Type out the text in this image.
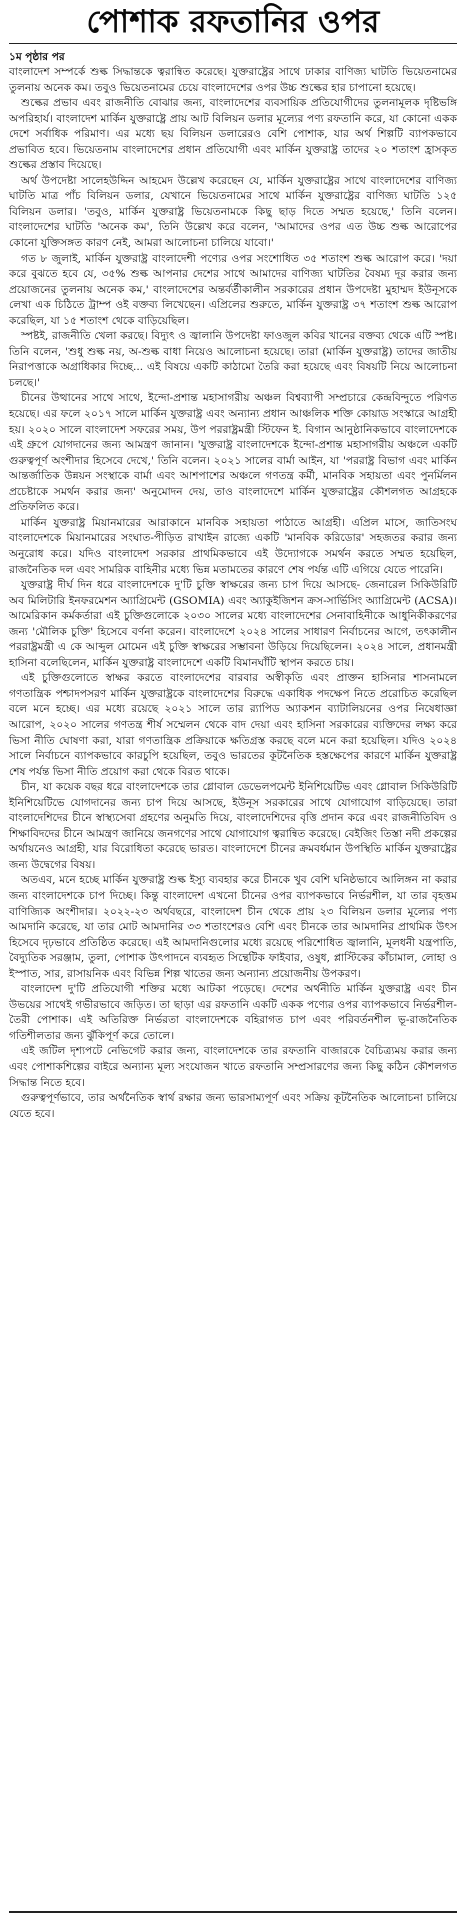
পোশাক রফতানির ওপর
১ম পৃষ্ঠার পর

বাংলাদেশ সম্পর্কে শুল্ক সিদ্ধান্তকে ত্বরান্বিত করেছে। যুক্তরাষ্ট্রের সাথে ঢাকার বাণিজ্য ঘাটতি ভিয়েতনামের তুলনায় অনেক কম। তবুও ভিয়েতনামের চেয়ে বাংলাদেশের ওপর উচ্চ শুল্কের হার চাপানো হয়েছে।

শুল্কের প্রভাব এবং রাজনীতি বোঝার জন্য, বাংলাদেশের ব্যবসায়িক প্রতিযোগীদের তুলনামূলক দৃষ্টিভঙ্গি অপরিহার্য। বাংলাদেশ মার্কিন যুক্তরাষ্ট্রে প্রায় আট বিলিয়ন ডলার মূল্যের পণ্য রফতানি করে, যা কোনো একক দেশে সর্বাধিক পরিমাণ। এর মধ্যে ছয় বিলিয়ন ডলারেরও বেশি পোশাক, যার অর্থ শিল্পটি ব্যাপকভাবে প্রভাবিত হবে। ভিয়েতনাম বাংলাদেশের প্রধান প্রতিযোগী এবং মার্কিন যুক্তরাষ্ট্র তাদের ২০ শতাংশ হ্রাসকৃত শুল্কের প্রস্তাব দিয়েছে।

অর্থ উপদেষ্টা সালেহউদ্দিন আহমেদ উল্লেখ করেছেন যে, মার্কিন যুক্তরাষ্ট্রের সাথে বাংলাদেশের বাণিজ্য ঘাটতি মাত্র পাঁচ বিলিয়ন ডলার, যেখানে ভিয়েতনামের সাথে মার্কিন যুক্তরাষ্ট্রের বাণিজ্য ঘাটতি ১২৫ বিলিয়ন ডলার। 'তবুও, মার্কিন যুক্তরাষ্ট্র ভিয়েতনামকে কিছু ছাড় দিতে সম্মত হয়েছে,' তিনি বলেন। বাংলাদেশের ঘাটতি 'অনেক কম', তিনি উল্লেখ করে বলেন, 'আমাদের ওপর এত উচ্চ শুল্ক আরোপের কোনো যুক্তিসঙ্গত কারণ নেই, আমরা আলোচনা চালিয়ে যাবো।'

গত ৮ জুলাই, মার্কিন যুক্তরাষ্ট্র বাংলাদেশী পণ্যের ওপর সংশোধিত ৩৫ শতাংশ শুল্ক আরোপ করে। 'দয়া করে বুঝতে হবে যে, ৩৫% শুল্ক আপনার দেশের সাথে আমাদের বাণিজ্য ঘাটতির বৈষম্য দূর করার জন্য প্রয়োজনের তুলনায় অনেক কম,' বাংলাদেশের অন্তর্বর্তীকালীন সরকারের প্রধান উপদেষ্টা মুহাম্মদ ইউনূসকে লেখা এক চিঠিতে ট্রাম্প ওই বক্তব্য লিখেছেন। এপ্রিলের শুরুতে, মার্কিন যুক্তরাষ্ট্র ৩৭ শতাংশ শুল্ক আরোপ করেছিল, যা ১৫ শতাংশ থেকে বাড়িয়েছিল।

স্পষ্টই, রাজনীতি খেলা করছে। বিদ্যুৎ ও জ্বালানি উপদেষ্টা ফাওজুল কবির খানের বক্তব্য থেকে এটি স্পষ্ট। তিনি বলেন, 'শুধু শুল্ক নয়, অ-শুল্ক বাধা নিয়েও আলোচনা হয়েছে। তারা (মার্কিন যুক্তরাষ্ট্র) তাদের জাতীয় নিরাপত্তাকে অগ্রাধিকার দিচ্ছে... এই বিষয়ে একটি কাঠামো তৈরি করা হয়েছে এবং বিষয়টি নিয়ে আলোচনা চলছে।'

চীনের উত্থানের সাথে সাথে, ইন্দো-প্রশান্ত মহাসাগরীয় অঞ্চল বিশ্বব্যাপী সম্প্রচারে কেন্দ্রবিন্দুতে পরিণত হয়েছে। এর ফলে ২০১৭ সালে মার্কিন যুক্তরাষ্ট্র এবং অন্যান্য প্রধান আঞ্চলিক শক্তি কোয়াড সংস্কারে আগ্রহী হয়। ২০২০ সালে বাংলাদেশ সফরের সময়, উপ পররাষ্ট্রমন্ত্রী স্টিফেন ই. বিগান আনুষ্ঠানিকভাবে বাংলাদেশকে এই গ্রুপে যোগদানের জন্য আমন্ত্রণ জানান। 'যুক্তরাষ্ট্র বাংলাদেশকে ইন্দো-প্রশান্ত মহাসাগরীয় অঞ্চলে একটি গুরুত্বপূর্ণ অংশীদার হিসেবে দেখে,' তিনি বলেন। ২০২১ সালের বার্মা আইন, যা 'পররাষ্ট্র বিভাগ এবং মার্কিন আন্তর্জাতিক উন্নয়ন সংস্থাকে বার্মা এবং আশপাশের অঞ্চলে গণতন্ত্র কর্মী, মানবিক সহায়তা এবং পুনর্মিলন প্রচেষ্টাকে সমর্থন করার জন্য' অনুমোদন দেয়, তাও বাংলাদেশে মার্কিন যুক্তরাষ্ট্রের কৌশলগত আগ্রহকে প্রতিফলিত করে।

মার্কিন যুক্তরাষ্ট্র মিয়ানমারের আরাকানে মানবিক সহায়তা পাঠাতে আগ্রহী। এপ্রিল মাসে, জাতিসংঘ বাংলাদেশকে মিয়ানমারের সংঘাত-পীড়িত রাখাইন রাজ্যে একটি 'মানবিক করিডোর' সহজতর করার জন্য অনুরোধ করে। যদিও বাংলাদেশ সরকার প্রাথমিকভাবে এই উদ্যোগকে সমর্থন করতে সম্মত হয়েছিল, রাজনৈতিক দল এবং সামরিক বাহিনীর মধ্যে ভিন্ন মতামতের কারণে শেষ পর্যন্ত এটি এগিয়ে যেতে পারেনি।

যুক্তরাষ্ট্র দীর্ঘ দিন ধরে বাংলাদেশকে দু'টি চুক্তি স্বাক্ষরের জন্য চাপ দিয়ে আসছে- জেনারেল সিকিউরিটি অব মিলিটারি ইনফরমেশন অ্যাগ্রিমেন্ট (GSOMIA) এবং অ্যাকুইজিশন ক্রস-সার্ভিসিং অ্যাগ্রিমেন্ট (ACSA)। আমেরিকান কর্মকর্তারা এই চুক্তিগুলোকে ২০৩০ সালের মধ্যে বাংলাদেশের সেনাবাহিনীকে আধুনিকীকরণের জন্য 'মৌলিক চুক্তি' হিসেবে বর্ণনা করেন। বাংলাদেশে ২০২৪ সালের সাধারণ নির্বাচনের আগে, তৎকালীন পররাষ্ট্রমন্ত্রী এ কে আব্দুল মোমেন এই চুক্তি স্বাক্ষরের সম্ভাবনা উড়িয়ে দিয়েছিলেন। ২০২৪ সালে, প্রধানমন্ত্রী হাসিনা বলেছিলেন, মার্কিন যুক্তরাষ্ট্র বাংলাদেশে একটি বিমানঘাঁটি স্থাপন করতে চায়।

এই চুক্তিগুলোতে স্বাক্ষর করতে বাংলাদেশের বারবার অস্বীকৃতি এবং প্রাক্তন হাসিনার শাসনামলে গণতান্ত্রিক পশ্চাদপসরণ মার্কিন যুক্তরাষ্ট্রকে বাংলাদেশের বিরুদ্ধে একাধিক পদক্ষেপ নিতে প্ররোচিত করেছিল বলে মনে হচ্ছে। এর মধ্যে রয়েছে ২০২১ সালে তার র‌্যাপিড অ্যাকশন ব্যাটালিয়নের ওপর নিষেধাজ্ঞা আরোপ, ২০২০ সালের গণতন্ত্র শীর্ষ সম্মেলন থেকে বাদ দেয়া এবং হাসিনা সরকারের ব্যক্তিদের লক্ষ্য করে ভিসা নীতি ঘোষণা করা, যারা গণতান্ত্রিক প্রক্রিয়াকে ক্ষতিগ্রস্ত করছে বলে মনে করা হয়েছিল। যদিও ২০২৪ সালে নির্বাচনে ব্যাপকভাবে কারচুপি হয়েছিল, তবুও ভারতের কূটনৈতিক হস্তক্ষেপের কারণে মার্কিন যুক্তরাষ্ট্র শেষ পর্যন্ত ভিসা নীতি প্রয়োগ করা থেকে বিরত থাকে।

চীন, যা কয়েক বছর ধরে বাংলাদেশকে তার গ্লোবাল ডেভেলপমেন্ট ইনিশিয়েটিভ এবং গ্লোবাল সিকিউরিটি ইনিশিয়েটিভে যোগদানের জন্য চাপ দিয়ে আসছে, ইউনূস সরকারের সাথে যোগাযোগ বাড়িয়েছে। তারা বাংলাদেশিদের চীনে স্বাস্থ্যসেবা গ্রহণের অনুমতি দিয়ে, বাংলাদেশিদের বৃত্তি প্রদান করে এবং রাজনীতিবিদ ও শিক্ষাবিদদের চীনে আমন্ত্রণ জানিয়ে জনগণের সাথে যোগাযোগ ত্বরান্বিত করেছে। বেইজিং তিস্তা নদী প্রকল্পের অর্থায়নেও আগ্রহী, যার বিরোধিতা করেছে ভারত। বাংলাদেশে চীনের ক্রমবর্ধমান উপস্থিতি মার্কিন যুক্তরাষ্ট্রের জন্য উদ্বেগের বিষয়।

অতএব, মনে হচ্ছে মার্কিন যুক্তরাষ্ট্র শুল্ক ইস্যু ব্যবহার করে চীনকে খুব বেশি ঘনিষ্ঠভাবে আলিঙ্গন না করার জন্য বাংলাদেশকে চাপ দিচ্ছে। কিন্তু বাংলাদেশ এখনো চীনের ওপর ব্যাপকভাবে নির্ভরশীল, যা তার বৃহত্তম বাণিজ্যিক অংশীদার। ২০২২-২৩ অর্থবছরে, বাংলাদেশ চীন থেকে প্রায় ২৩ বিলিয়ন ডলার মূল্যের পণ্য আমদানি করেছে, যা তার মোট আমদানির ৩৩ শতাংশেরও বেশি এবং চীনকে তার আমদানির প্রাথমিক উৎস হিসেবে দৃঢ়ভাবে প্রতিষ্ঠিত করেছে। এই আমদানিগুলোর মধ্যে রয়েছে পরিশোধিত জ্বালানি, মূলধনী যন্ত্রপাতি, বৈদ্যুতিক সরঞ্জাম, তুলা, পোশাক উৎপাদনে ব্যবহৃত সিন্থেটিক ফাইবার, ওষুধ, প্লাস্টিকের কাঁচামাল, লোহা ও ইস্পাত, সার, রাসায়নিক এবং বিভিন্ন শিল্প খাতের জন্য অন্যান্য প্রয়োজনীয় উপকরণ।

বাংলাদেশ দু'টি প্রতিযোগী শক্তির মধ্যে আটকা পড়েছে। দেশের অর্থনীতি মার্কিন যুক্তরাষ্ট্র এবং চীন উভয়ের সাথেই গভীরভাবে জড়িত। তা ছাড়া এর রফতানি একটি একক পণ্যের ওপর ব্যাপকভাবে নির্ভরশীল- তৈরী পোশাক। এই অতিরিক্ত নির্ভরতা বাংলাদেশকে বহিরাগত চাপ এবং পরিবর্তনশীল ভূ-রাজনৈতিক গতিশীলতার জন্য ঝুঁকিপূর্ণ করে তোলে।

এই জটিল দৃশ্যপটে নেভিগেট করার জন্য, বাংলাদেশকে তার রফতানি বাজারকে বৈচিত্র্যময় করার জন্য এবং পোশাকশিল্পের বাইরে অন্যান্য মূল্য সংযোজন খাতে রফতানি সম্প্রসারণের জন্য কিছু কঠিন কৌশলগত সিদ্ধান্ত নিতে হবে।

গুরুত্বপূর্ণভাবে, তার অর্থনৈতিক স্বার্থ রক্ষার জন্য ভারসাম্যপূর্ণ এবং সক্রিয় কূটনৈতিক আলোচনা চালিয়ে যেতে হবে।
